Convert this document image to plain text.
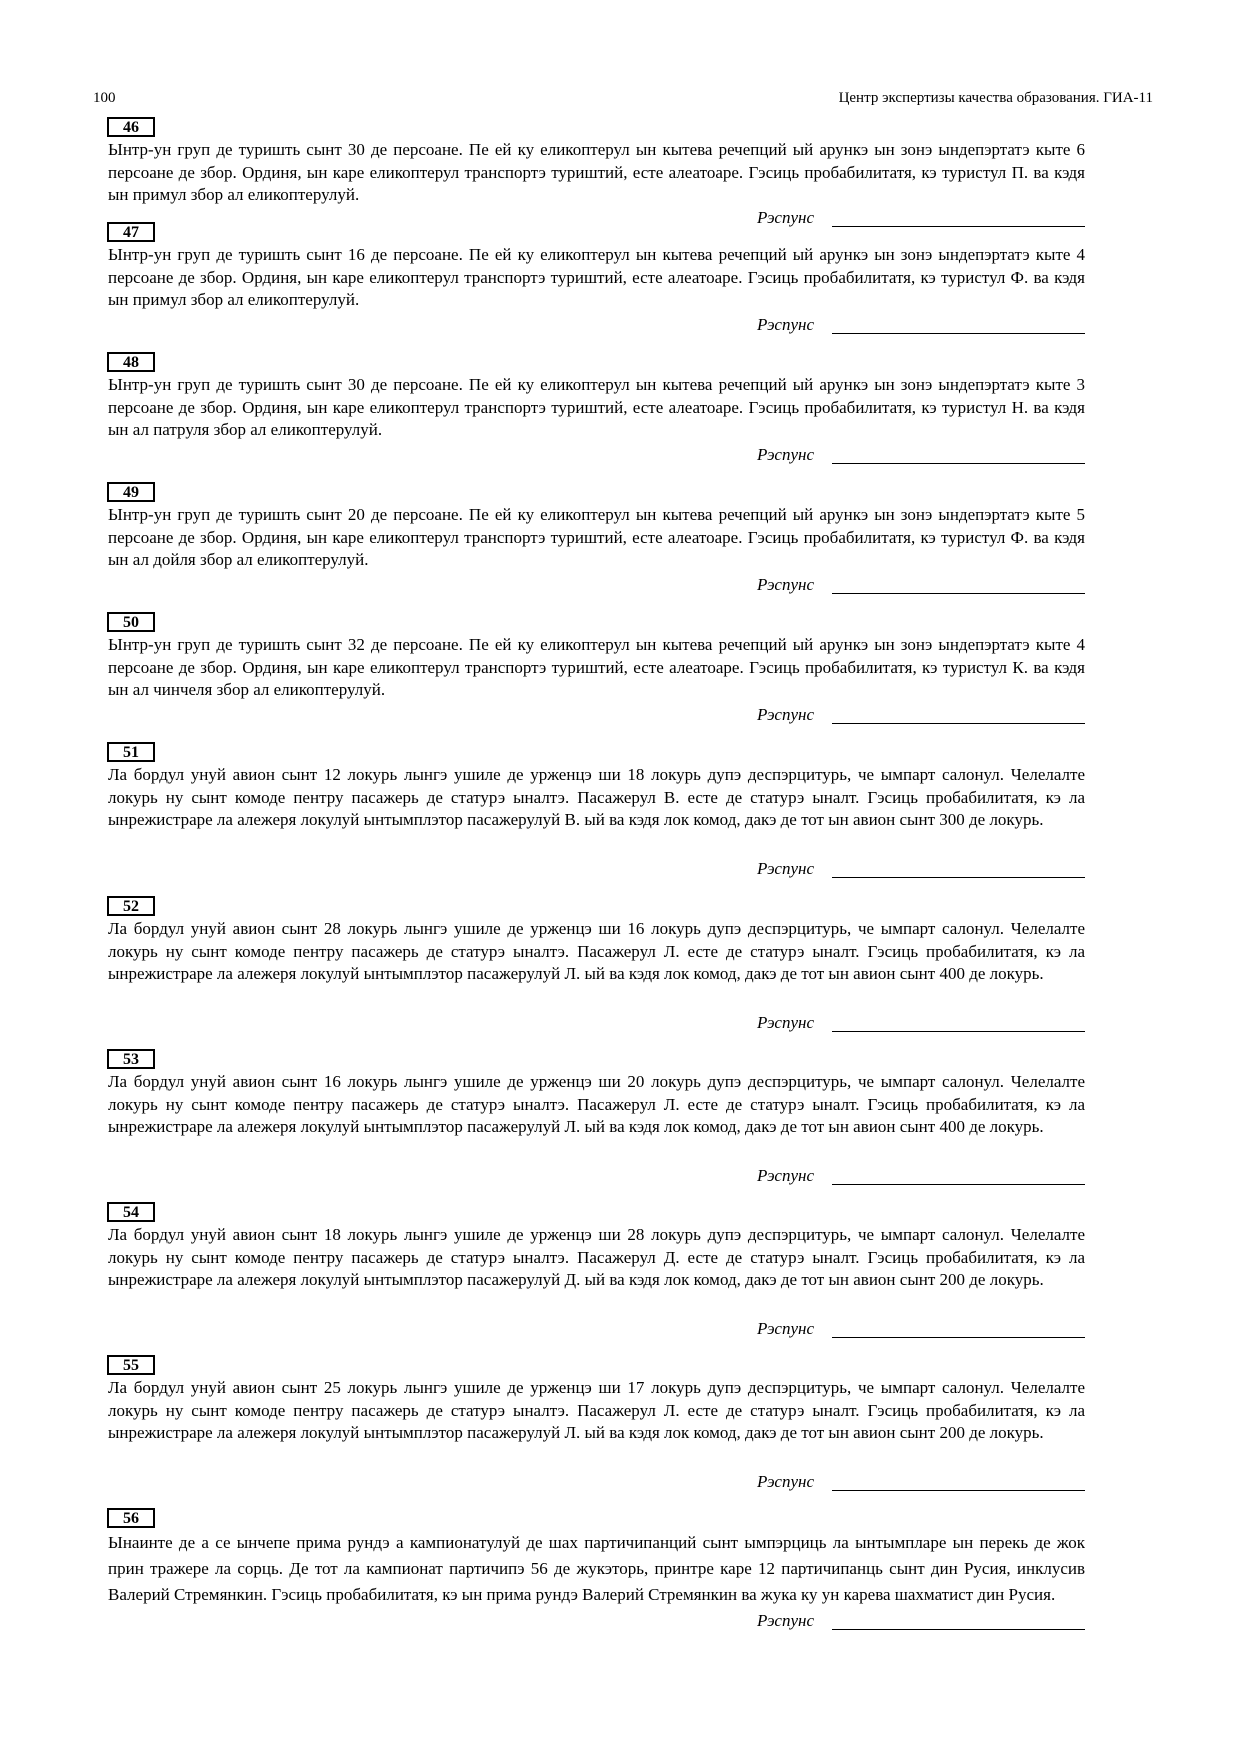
100	Центр экспертизы качества образования. ГИА-11
46

Ынтр-ун груп де туришть сынт 30 де персоане. Пе ей ку еликоптерул ын кытева речепций ый арункэ ын зонэ ындепэртатэ кыте 6 персоане де збор. Ординя, ын каре еликоптерул транспортэ туриштий, есте алеатоаре. Гэсиць пробабилитатя, кэ туристул П. ва кэдя ын примул збор ал еликоптерулуй.

Рэспунс
47

Ынтр-ун груп де туришть сынт 16 де персоане. Пе ей ку еликоптерул ын кытева речепций ый арункэ ын зонэ ындепэртатэ кыте 4 персоане де збор. Ординя, ын каре еликоптерул транспортэ туриштий, есте алеатоаре. Гэсиць пробабилитатя, кэ туристул Ф. ва кэдя ын примул збор ал еликоптерулуй.

Рэспунс
48

Ынтр-ун груп де туришть сынт 30 де персоане. Пе ей ку еликоптерул ын кытева речепций ый арункэ ын зонэ ындепэртатэ кыте 3 персоане де збор. Ординя, ын каре еликоптерул транспортэ туриштий, есте алеатоаре. Гэсиць пробабилитатя, кэ туристул Н. ва кэдя ын ал патруля збор ал еликоптерулуй.

Рэспунс
49

Ынтр-ун груп де туришть сынт 20 де персоане. Пе ей ку еликоптерул ын кытева речепций ый арункэ ын зонэ ындепэртатэ кыте 5 персоане де збор. Ординя, ын каре еликоптерул транспортэ туриштий, есте алеатоаре. Гэсиць пробабилитатя, кэ туристул Ф. ва кэдя ын ал дойля збор ал еликоптерулуй.

Рэспунс
50

Ынтр-ун груп де туришть сынт 32 де персоане. Пе ей ку еликоптерул ын кытева речепций ый арункэ ын зонэ ындепэртатэ кыте 4 персоане де збор. Ординя, ын каре еликоптерул транспортэ туриштий, есте алеатоаре. Гэсиць пробабилитатя, кэ туристул К. ва кэдя ын ал чинчеля збор ал еликоптерулуй.

Рэспунс
51

Ла бордул унуй авион сынт 12 локурь лынгэ ушиле де урженцэ ши 18 локурь дупэ деспэрцитурь, че ымпарт салонул. Челелалте локурь ну сынт комоде пентру пасажерь де статурэ ыналтэ. Пасажерул В. есте де статурэ ыналт. Гэсиць пробабилитатя, кэ ла ынрежистраре ла алежеря локулуй ынтымплэтор пасажерулуй В. ый ва кэдя лок комод, дакэ де тот ын авион сынт 300 де локурь.

Рэспунс
52

Ла бордул унуй авион сынт 28 локурь лынгэ ушиле де урженцэ ши 16 локурь дупэ деспэрцитурь, че ымпарт салонул. Челелалте локурь ну сынт комоде пентру пасажерь де статурэ ыналтэ. Пасажерул Л. есте де статурэ ыналт. Гэсиць пробабилитатя, кэ ла ынрежистраре ла алежеря локулуй ынтымплэтор пасажерулуй Л. ый ва кэдя лок комод, дакэ де тот ын авион сынт 400 де локурь.

Рэспунс
53

Ла бордул унуй авион сынт 16 локурь лынгэ ушиле де урженцэ ши 20 локурь дупэ деспэрцитурь, че ымпарт салонул. Челелалте локурь ну сынт комоде пентру пасажерь де статурэ ыналтэ. Пасажерул Л. есте де статурэ ыналт. Гэсиць пробабилитатя, кэ ла ынрежистраре ла алежеря локулуй ынтымплэтор пасажерулуй Л. ый ва кэдя лок комод, дакэ де тот ын авион сынт 400 де локурь.

Рэспунс
54

Ла бордул унуй авион сынт 18 локурь лынгэ ушиле де урженцэ ши 28 локурь дупэ деспэрцитурь, че ымпарт салонул. Челелалте локурь ну сынт комоде пентру пасажерь де статурэ ыналтэ. Пасажерул Д. есте де статурэ ыналт. Гэсиць пробабилитатя, кэ ла ынрежистраре ла алежеря локулуй ынтымплэтор пасажерулуй Д. ый ва кэдя лок комод, дакэ де тот ын авион сынт 200 де локурь.

Рэспунс
55

Ла бордул унуй авион сынт 25 локурь лынгэ ушиле де урженцэ ши 17 локурь дупэ деспэрцитурь, че ымпарт салонул. Челелалте локурь ну сынт комоде пентру пасажерь де статурэ ыналтэ. Пасажерул Л. есте де статурэ ыналт. Гэсиць пробабилитатя, кэ ла ынрежистраре ла алежеря локулуй ынтымплэтор пасажерулуй Л. ый ва кэдя лок комод, дакэ де тот ын авион сынт 200 де локурь.

Рэспунс
56

Ынаинте де а се ынчепе прима рундэ а кампионатулуй де шах партичипанций сынт ымпэрциць ла ынтымпларе ын перекь де жок прин тражере ла сорць. Де тот ла кампионат партичипэ 56 де жукэторь, принтре каре 12 партичипанць сынт дин Русия, инклусив Валерий Стремянкин. Гэсиць пробабилитатя, кэ ын прима рундэ Валерий Стремянкин ва жука ку ун карева шахматист дин Русия.

Рэспунс
